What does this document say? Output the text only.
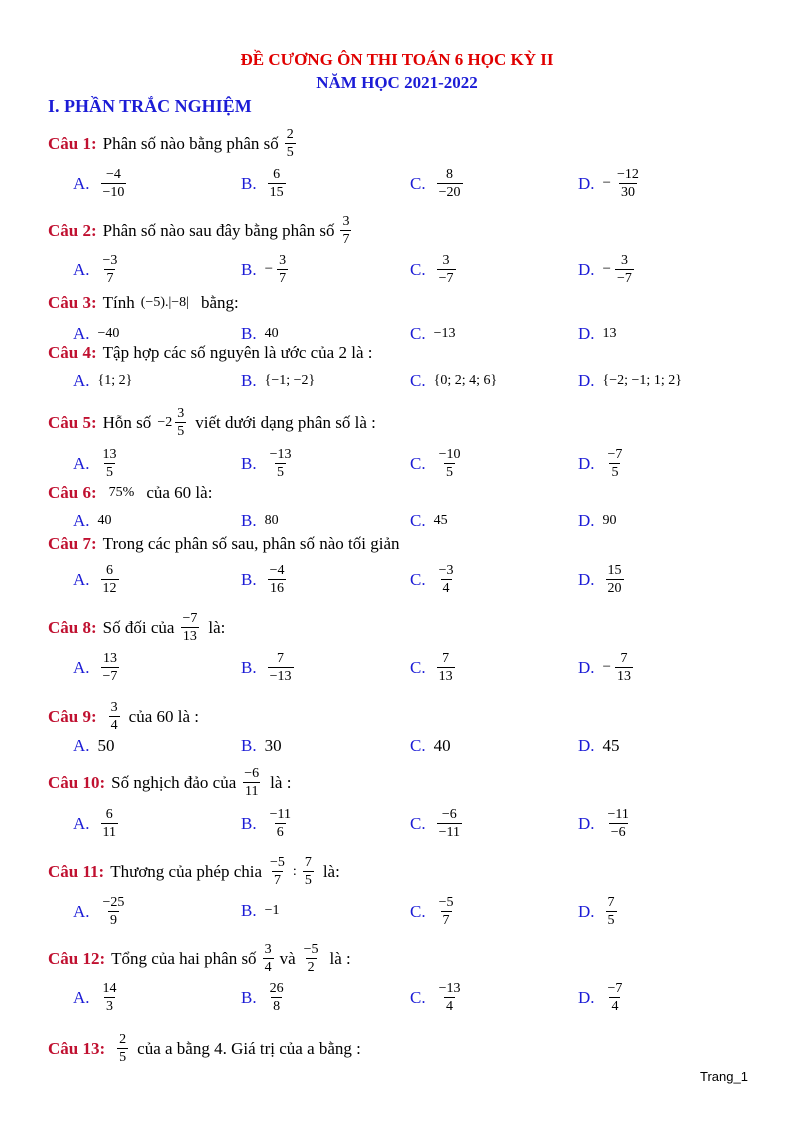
ĐỀ CƯƠNG ÔN THI TOÁN 6 HỌC KỲ II
NĂM HỌC 2021-2022
I. PHẦN TRẮC NGHIỆM
Câu 1: Phân số nào bằng phân số $\frac{2}{5}$
A. $\frac{-4}{-10}$	B. $\frac{6}{15}$	C. $\frac{8}{-20}$	D. − $\frac{-12}{30}$
Câu 2: Phân số nào sau đây bằng phân số $\frac{3}{7}$
A. $\frac{-3}{7}$	B. − $\frac{3}{7}$	C. $\frac{3}{-7}$	D. − $\frac{3}{-7}$
Câu 3: Tính (−5).|−8| bằng:
A. −40	B. 40	C. −13	D. 13
Câu 4: Tập hợp các số nguyên là ước của 2 là :
A. {1; 2}	B. {−1; −2}	C. {0; 2; 4; 6}	D. {−2; −1; 1; 2}
Câu 5: Hỗn số $-2 \frac{3}{5}$ viết dưới dạng phân số là :
A. $\frac{13}{5}$	B. $\frac{-13}{5}$	C. $\frac{-10}{5}$	D. $\frac{-7}{5}$
Câu 6: 75% của 60 là:
A. 40	B. 80	C. 45	D. 90
Câu 7: Trong các phân số sau, phân số nào tối giản
A. $\frac{6}{12}$	B. $\frac{-4}{16}$	C. $\frac{-3}{4}$	D. $\frac{15}{20}$
Câu 8: Số đối của $\frac{-7}{13}$ là:
A. $\frac{13}{-7}$	B. $\frac{7}{-13}$	C. $\frac{7}{13}$	D. − $\frac{7}{13}$
Câu 9: $\frac{3}{4}$ của 60 là :
A. 50	B. 30	C. 40	D. 45
Câu 10: Số nghịch đảo của $\frac{-6}{11}$ là :
A. $\frac{6}{11}$	B. $\frac{-11}{6}$	C. $\frac{-6}{-11}$	D. $\frac{-11}{-6}$
Câu 11: Thương của phép chia $\frac{-5}{7}$ : $\frac{7}{5}$ là:
A. $\frac{-25}{9}$	B. −1	C. $\frac{-5}{7}$	D. $\frac{7}{5}$
Câu 12: Tổng của hai phân số $\frac{3}{4}$ và $\frac{-5}{2}$ là :
A. $\frac{14}{3}$	B. $\frac{26}{8}$	C. $\frac{-13}{4}$	D. $\frac{-7}{4}$
Câu 13: $\frac{2}{5}$ của a bằng 4. Giá trị của a bằng :
Trang_1
